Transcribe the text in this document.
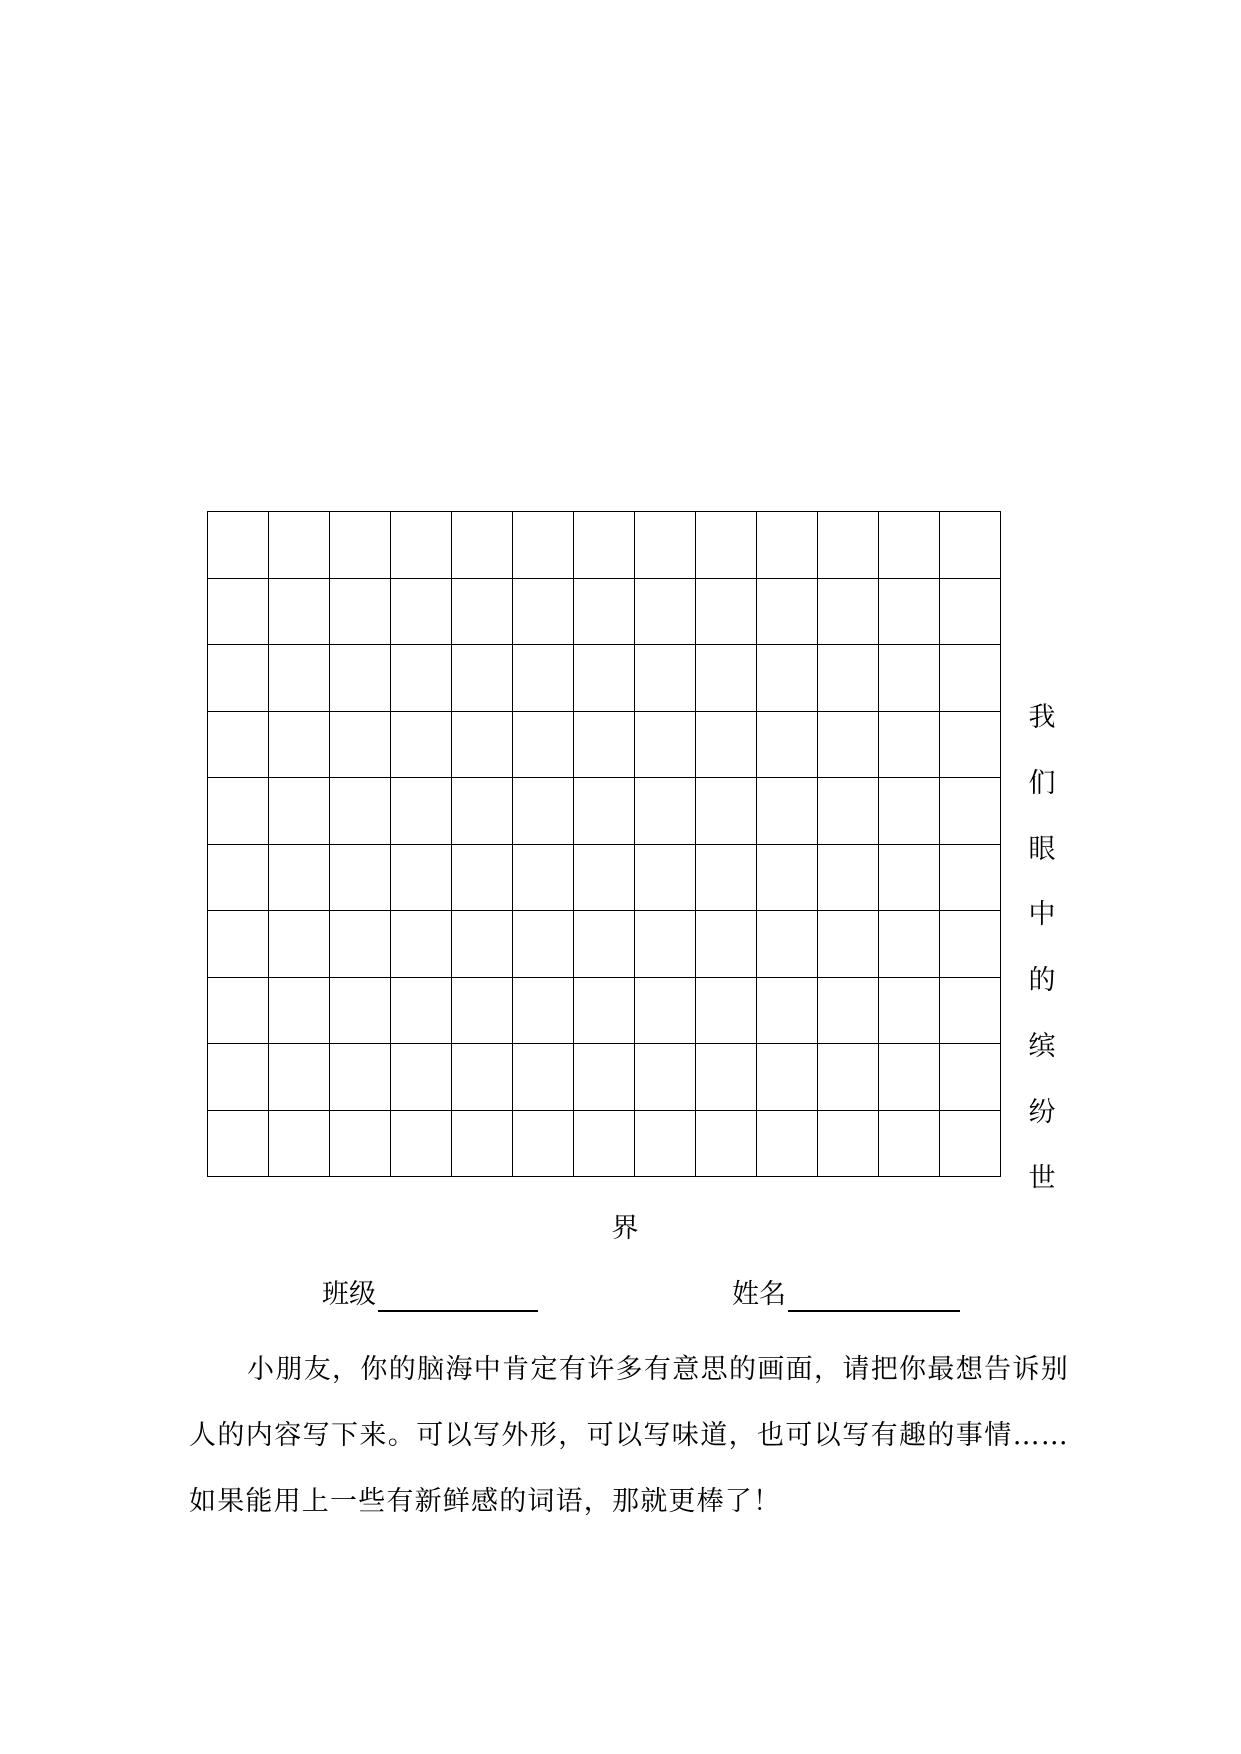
我
们
眼
中
的
缤
纷
世
界
班级	姓名

小朋友，你的脑海中肯定有许多有意思的画面，请把你最想告诉别人的内容写下来。可以写外形，可以写味道，也可以写有趣的事情……如果能用上一些有新鲜感的词语，那就更棒了！
